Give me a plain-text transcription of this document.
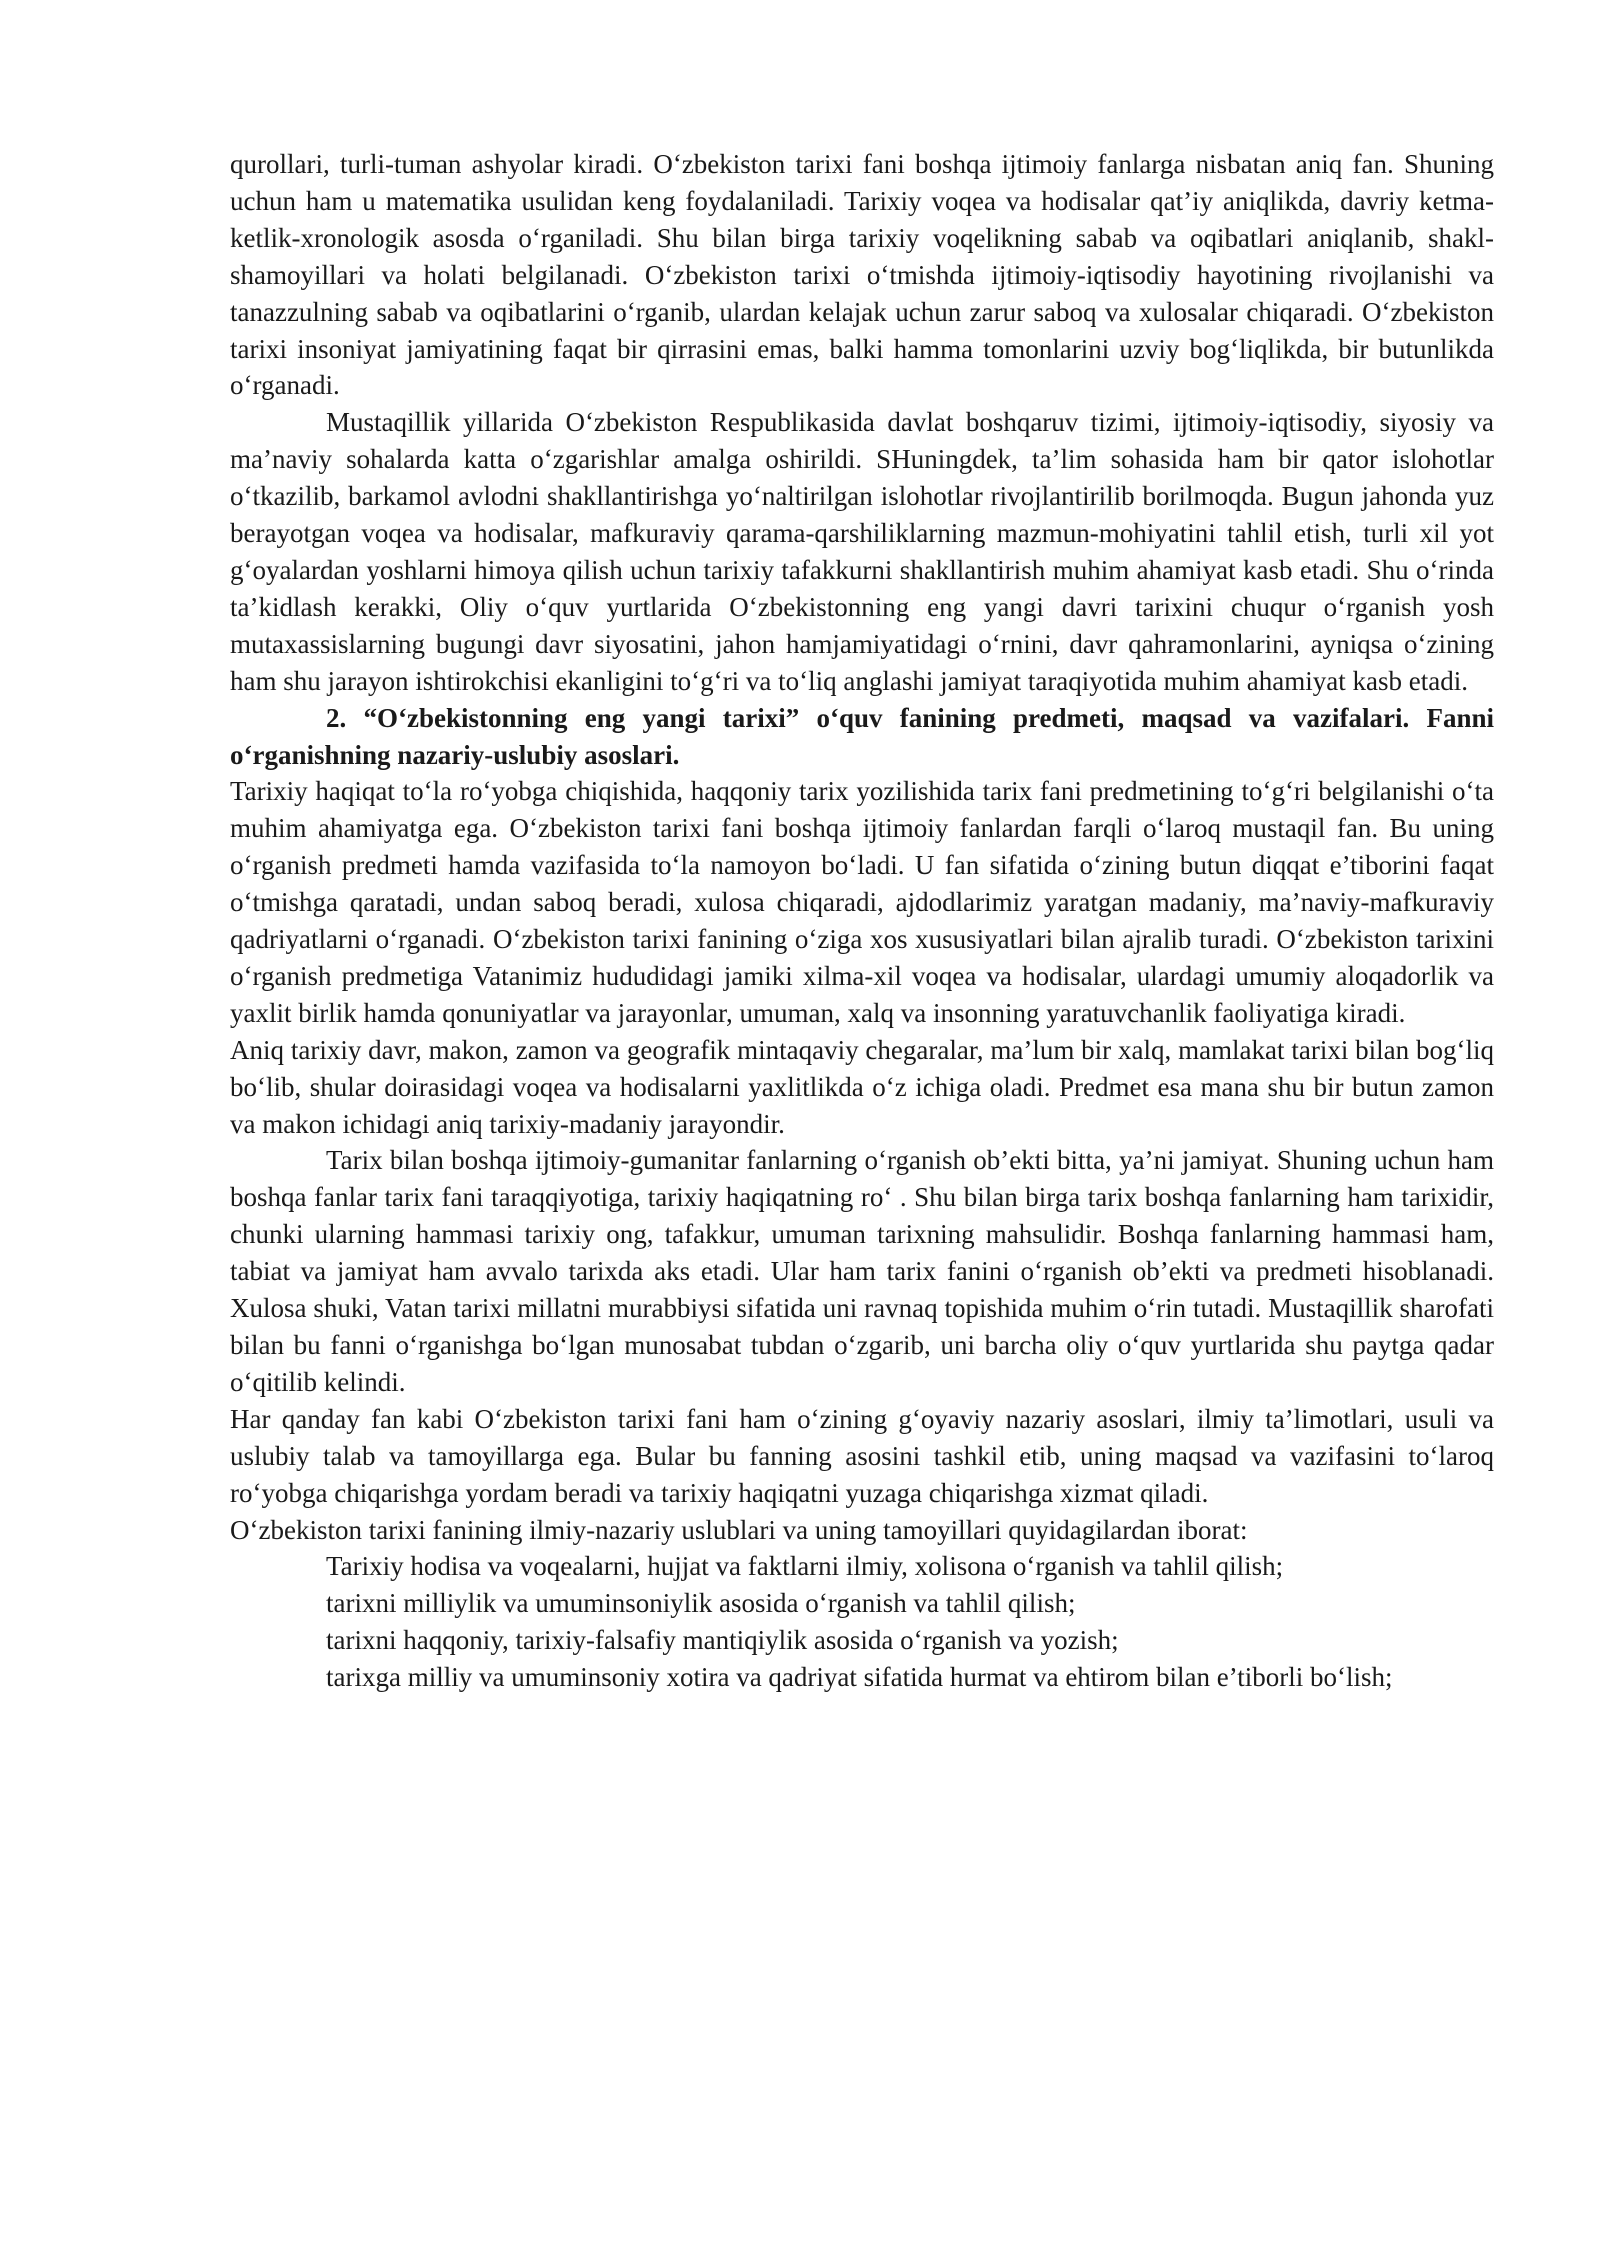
qurollari, turli-tuman ashyolar kiradi. O‘zbekiston tarixi fani boshqa ijtimoiy fanlarga nisbatan aniq fan. Shuning uchun ham u matematika usulidan keng foydalaniladi. Tarixiy voqea va hodisalar qat’iy aniqlikda, davriy ketma-ketlik-xronologik asosda o‘rganiladi. Shu bilan birga tarixiy voqelikning sabab va oqibatlari aniqlanib, shakl-shamoyillari va holati belgilanadi. O‘zbekiston tarixi o‘tmishda ijtimoiy-iqtisodiy hayotining rivojlanishi va tanazzulning sabab va oqibatlarini o‘rganib, ulardan kelajak uchun zarur saboq va xulosalar chiqaradi. O‘zbekiston tarixi insoniyat jamiyatining faqat bir qirrasini emas, balki hamma tomonlarini uzviy bog‘liqlikda, bir butunlikda o‘rganadi.

Mustaqillik yillarida O‘zbekiston Respublikasida davlat boshqaruv tizimi, ijtimoiy-iqtisodiy, siyosiy va ma’naviy sohalarda katta o‘zgarishlar amalga oshirildi. SHuningdek, ta’lim sohasida ham bir qator islohotlar o‘tkazilib, barkamol avlodni shakllantirishga yo‘naltirilgan islohotlar rivojlantirilib borilmoqda. Bugun jahonda yuz berayotgan voqea va hodisalar, mafkuraviy qarama-qarshiliklarning mazmun-mohiyatini tahlil etish, turli xil yot g‘oyalardan yoshlarni himoya qilish uchun tarixiy tafakkurni shakllantirish muhim ahamiyat kasb etadi. Shu o‘rinda ta’kidlash kerakki, Oliy o‘quv yurtlarida O‘zbekistonning eng yangi davri tarixini chuqur o‘rganish yosh mutaxassislarning bugungi davr siyosatini, jahon hamjamiyatidagi o‘rnini, davr qahramonlarini, ayniqsa o‘zining ham shu jarayon ishtirokchisi ekanligini to‘g‘ri va to‘liq anglashi jamiyat taraqiyotida muhim ahamiyat kasb etadi.

2. “O‘zbekistonning eng yangi tarixi” o‘quv fanining predmeti, maqsad va vazifalari. Fanni o‘rganishning nazariy-uslubiy asoslari.

Tarixiy haqiqat to‘la ro‘yobga chiqishida, haqqoniy tarix yozilishida tarix fani predmetining to‘g‘ri belgilanishi o‘ta muhim ahamiyatga ega. O‘zbekiston tarixi fani boshqa ijtimoiy fanlardan farqli o‘laroq mustaqil fan. Bu uning o‘rganish predmeti hamda vazifasida to‘la namoyon bo‘ladi. U fan sifatida o‘zining butun diqqat e’tiborini faqat o‘tmishga qaratadi, undan saboq beradi, xulosa chiqaradi, ajdodlarimiz yaratgan madaniy, ma’naviy-mafkuraviy qadriyatlarni o‘rganadi. O‘zbekiston tarixi fanining o‘ziga xos xususiyatlari bilan ajralib turadi. O‘zbekiston tarixini o‘rganish predmetiga Vatanimiz hududidagi jamiki xilma-xil voqea va hodisalar, ulardagi umumiy aloqadorlik va yaxlit birlik hamda qonuniyatlar va jarayonlar, umuman, xalq va insonning yaratuvchanlik faoliyatiga kiradi.

Aniq tarixiy davr, makon, zamon va geografik mintaqaviy chegaralar, ma’lum bir xalq, mamlakat tarixi bilan bog‘liq bo‘lib, shular doirasidagi voqea va hodisalarni yaxlitlikda o‘z ichiga oladi. Predmet esa mana shu bir butun zamon va makon ichidagi aniq tarixiy-madaniy jarayondir.

Tarix bilan boshqa ijtimoiy-gumanitar fanlarning o‘rganish ob’ekti bitta, ya’ni jamiyat. Shuning uchun ham boshqa fanlar tarix fani taraqqiyotiga, tarixiy haqiqatning ro‘ . Shu bilan birga tarix boshqa fanlarning ham tarixidir, chunki ularning hammasi tarixiy ong, tafakkur, umuman tarixning mahsulidir. Boshqa fanlarning hammasi ham, tabiat va jamiyat ham avvalo tarixda aks etadi. Ular ham tarix fanini o‘rganish ob’ekti va predmeti hisoblanadi. Xulosa shuki, Vatan tarixi millatni murabbiysi sifatida uni ravnaq topishida muhim o‘rin tutadi. Mustaqillik sharofati bilan bu fanni o‘rganishga bo‘lgan munosabat tubdan o‘zgarib, uni barcha oliy o‘quv yurtlarida shu paytga qadar o‘qitilib kelindi.

Har qanday fan kabi O‘zbekiston tarixi fani ham o‘zining g‘oyaviy nazariy asoslari, ilmiy ta’limotlari, usuli va uslubiy talab va tamoyillarga ega. Bular bu fanning asosini tashkil etib, uning maqsad va vazifasini to‘laroq ro‘yobga chiqarishga yordam beradi va tarixiy haqiqatni yuzaga chiqarishga xizmat qiladi.

O‘zbekiston tarixi fanining ilmiy-nazariy uslublari va uning tamoyillari quyidagilardan iborat:

Tarixiy hodisa va voqealarni, hujjat va faktlarni ilmiy, xolisona o‘rganish va tahlil qilish;

tarixni milliylik va umuminsoniylik asosida o‘rganish va tahlil qilish;

tarixni haqqoniy, tarixiy-falsafiy mantiqiylik asosida o‘rganish va yozish;

tarixga milliy va umuminsoniy xotira va qadriyat sifatida hurmat va ehtirom bilan e’tiborli bo‘lish;
